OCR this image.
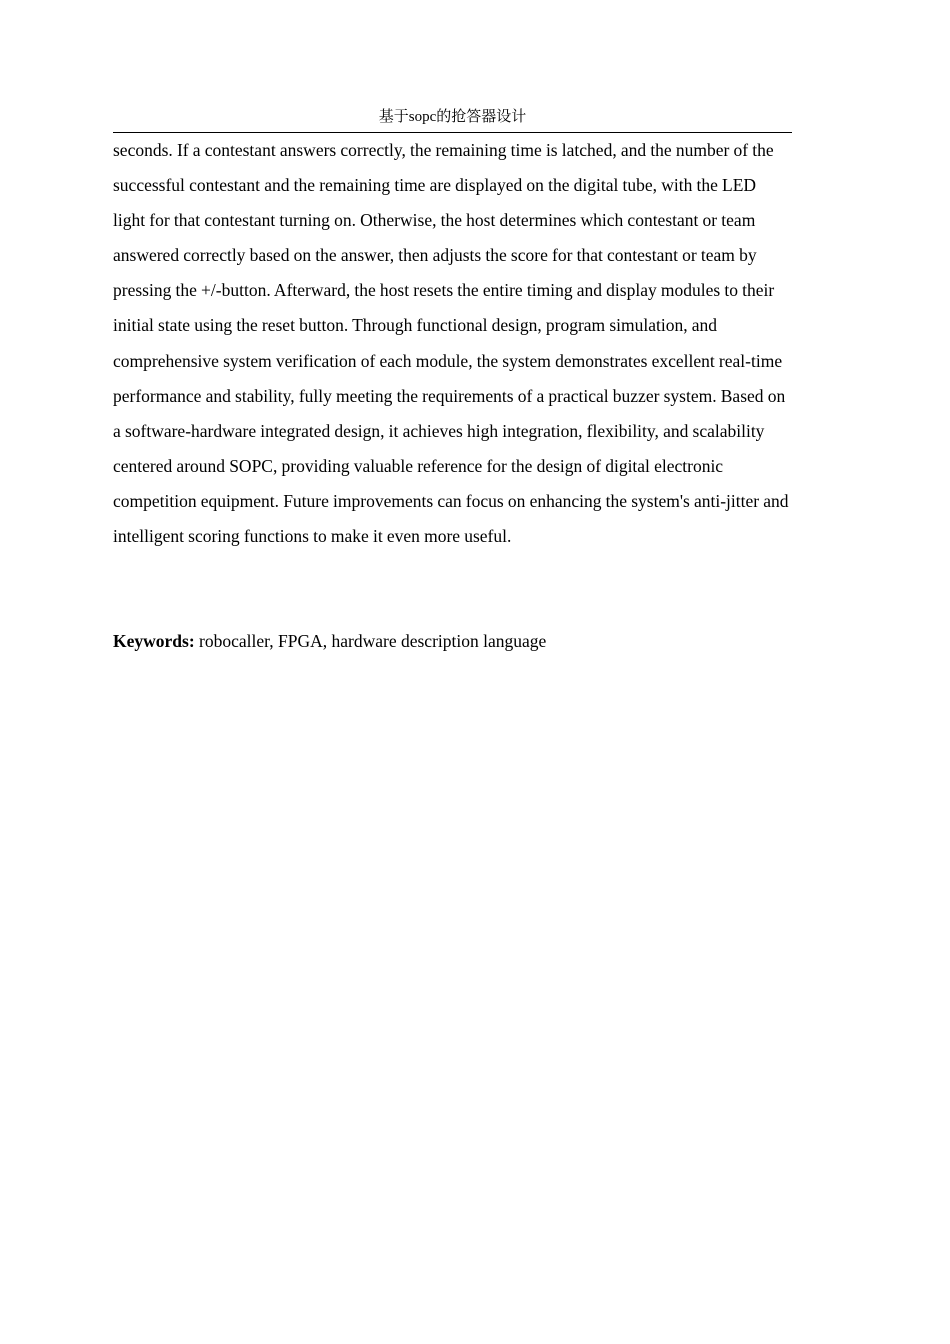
基于sopc的抢答器设计

seconds. If a contestant answers correctly, the remaining time is latched, and the number of the successful contestant and the remaining time are displayed on the digital tube, with the LED light for that contestant turning on. Otherwise, the host determines which contestant or team answered correctly based on the answer, then adjusts the score for that contestant or team by pressing the +/-button. Afterward, the host resets the entire timing and display modules to their initial state using the reset button. Through functional design, program simulation, and comprehensive system verification of each module, the system demonstrates excellent real-time performance and stability, fully meeting the requirements of a practical buzzer system. Based on a software-hardware integrated design, it achieves high integration, flexibility, and scalability centered around SOPC, providing valuable reference for the design of digital electronic competition equipment. Future improvements can focus on enhancing the system's anti-jitter and intelligent scoring functions to make it even more useful.

Keywords: robocaller, FPGA, hardware description language
